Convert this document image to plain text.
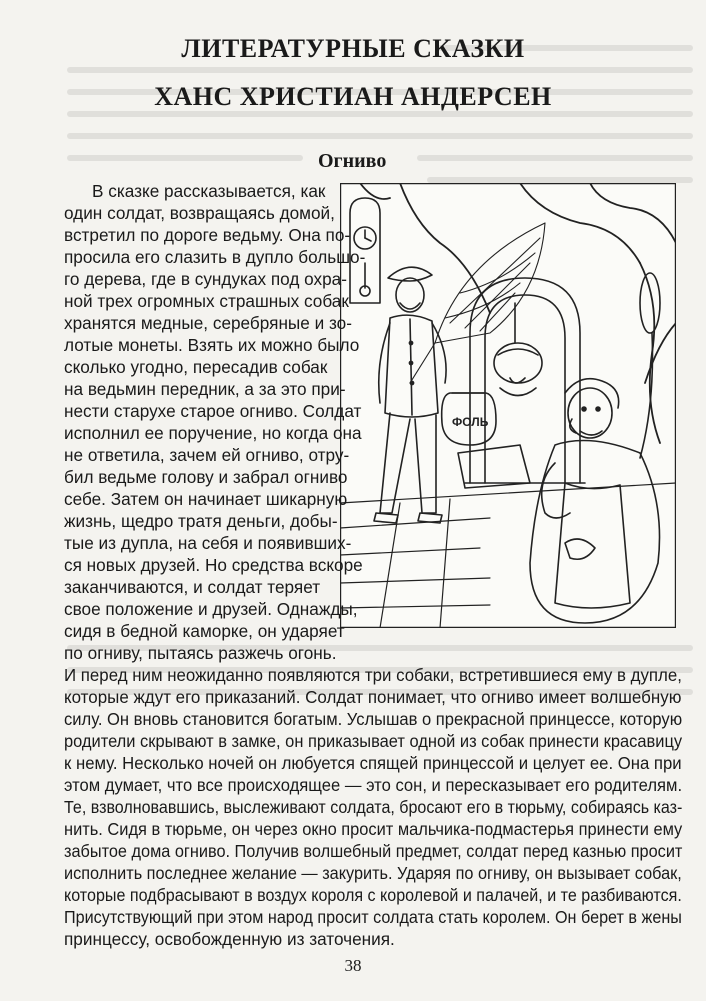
ЛИТЕРАТУРНЫЕ СКАЗКИ
ХАНС ХРИСТИАН АНДЕРСЕН
Огниво
ФОЛЬ
В сказке рассказывается, как
один солдат, возвращаясь домой,
встретил по дороге ведьму. Она по-
просила его слазить в дупло большо-
го дерева, где в сундуках под охра-
ной трех огромных страшных собак
хранятся медные, серебряные и зо-
лотые монеты. Взять их можно было
сколько угодно, пересадив собак
на ведьмин передник, а за это при-
нести старухе старое огниво. Солдат
исполнил ее поручение, но когда она
не ответила, зачем ей огниво, отру-
бил ведьме голову и забрал огниво
себе. Затем он начинает шикарную
жизнь, щедро тратя деньги, добы-
тые из дупла, на себя и появивших-
ся новых друзей. Но средства вскоре
заканчиваются, и солдат теряет
свое положение и друзей. Однажды,
сидя в бедной каморке, он ударяет
по огниву, пытаясь разжечь огонь.
И перед ним неожиданно появляются три собаки, встретившиеся ему в дупле,
которые ждут его приказаний. Солдат понимает, что огниво имеет волшебную
силу. Он вновь становится богатым. Услышав о прекрасной принцессе, которую
родители скрывают в замке, он приказывает одной из собак принести красавицу
к нему. Несколько ночей он любуется спящей принцессой и целует ее. Она при
этом думает, что все происходящее — это сон, и пересказывает его родителям.
Те, взволновавшись, выслеживают солдата, бросают его в тюрьму, собираясь каз-
нить. Сидя в тюрьме, он через окно просит мальчика-подмастерья принести ему
забытое дома огниво. Получив волшебный предмет, солдат перед казнью просит
исполнить последнее желание — закурить. Ударяя по огниву, он вызывает собак,
которые подбрасывают в воздух короля с королевой и палачей, и те разбиваются.
Присутствующий при этом народ просит солдата стать королем. Он берет в жены
принцессу, освобожденную из заточения.
38
